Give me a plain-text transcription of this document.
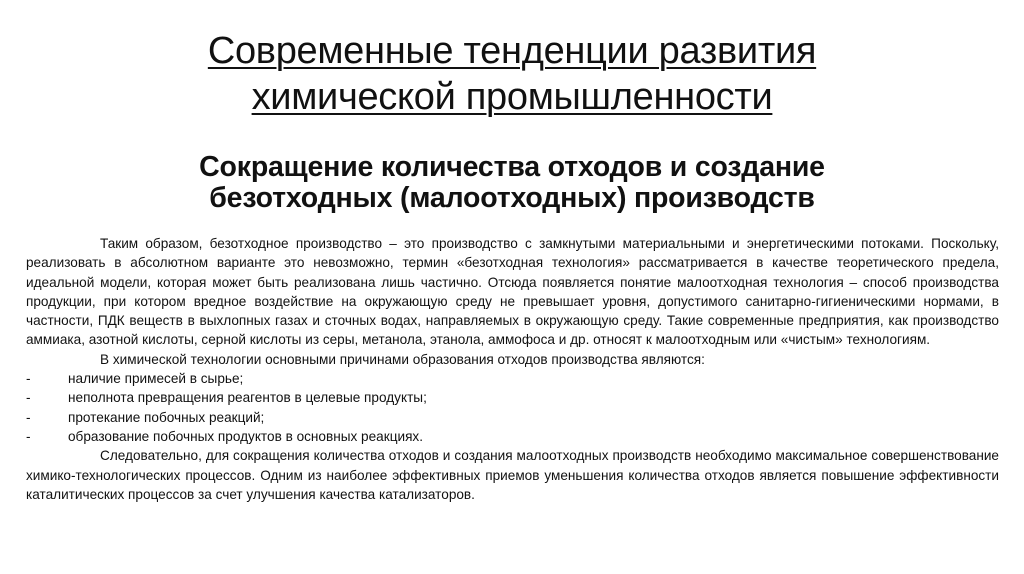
Современные тенденции развития
химической промышленности
Сокращение количества отходов и создание
безотходных (малоотходных) производств

Таким образом, безотходное производство – это производство с замкнутыми материальными и энергетическими потоками. Поскольку, реализовать в абсолютном варианте это невозможно, термин «безотходная технология» рассматривается в качестве теоретического предела, идеальной модели, которая может быть реализована лишь частично. Отсюда появляется понятие малоотходная технология – способ производства продукции, при котором вредное воздействие на окружающую среду не превышает уровня, допустимого санитарно-гигиеническими нормами, в частности, ПДК веществ в выхлопных газах и сточных водах, направляемых в окружающую среду. Такие современные предприятия, как производство аммиака, азотной кислоты, серной кислоты из серы, метанола, этанола, аммофоса и др. относят к малоотходным или «чистым» технологиям.

В химической технологии основными причинами образования отходов производства являются:

-	наличие примесей в сырье;
-	неполнота превращения реагентов в целевые продукты;
-	протекание побочных реакций;
-	образование побочных продуктов в основных реакциях.

Следовательно, для сокращения количества отходов и создания малоотходных производств необходимо максимальное совершенствование химико-технологических процессов. Одним из наиболее эффективных приемов уменьшения количества отходов является повышение эффективности каталитических процессов за счет улучшения качества катализаторов.
